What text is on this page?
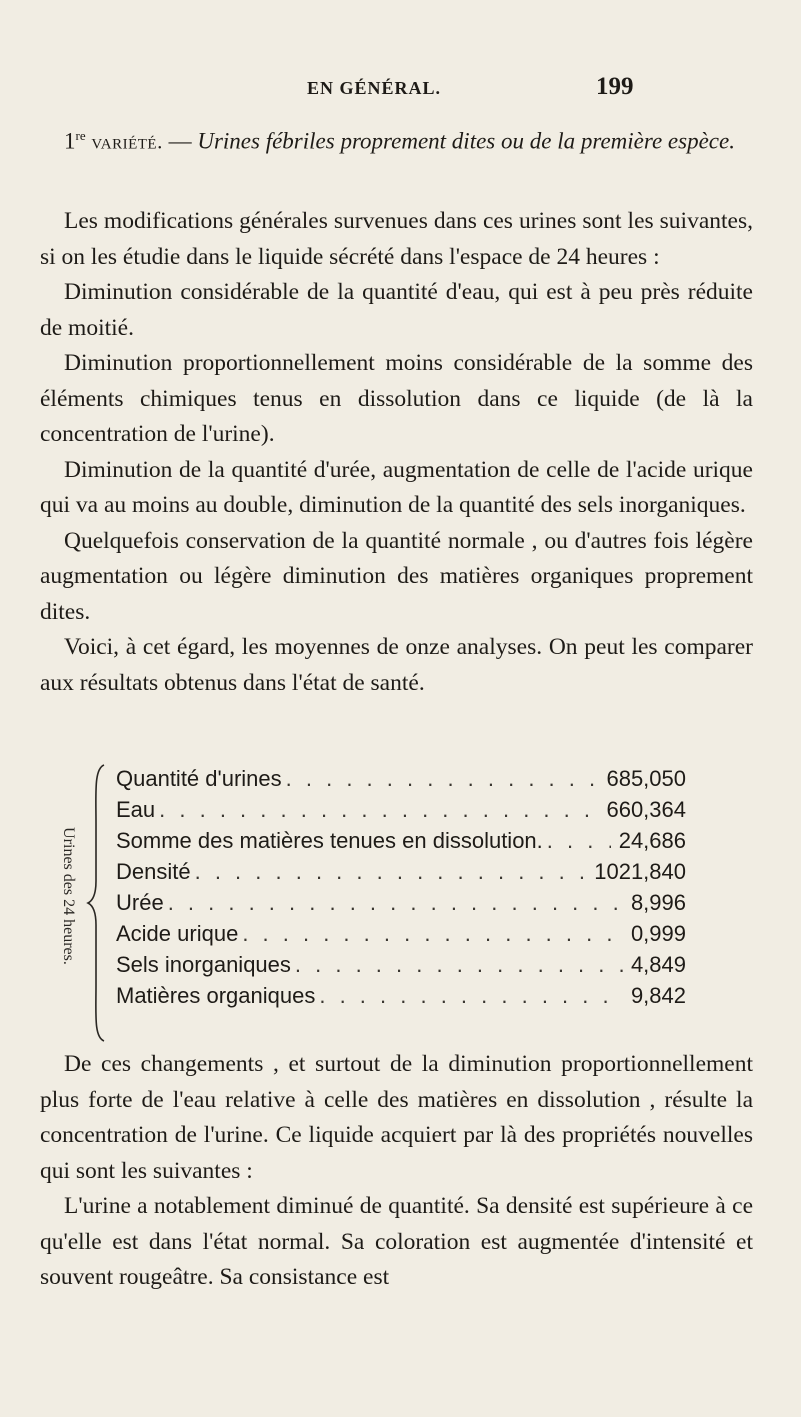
EN GÉNÉRAL.	199
1re variété. — Urines fébriles proprement dites ou de la première espèce.

Les modifications générales survenues dans ces urines sont les suivantes, si on les étudie dans le liquide sécrété dans l'espace de 24 heures :

Diminution considérable de la quantité d'eau, qui est à peu près réduite de moitié.

Diminution proportionnellement moins considérable de la somme des éléments chimiques tenus en dissolution dans ce liquide (de là la concentration de l'urine).

Diminution de la quantité d'urée, augmentation de celle de l'acide urique qui va au moins au double, diminution de la quantité des sels inorganiques.

Quelquefois conservation de la quantité normale , ou d'autres fois légère augmentation ou légère diminution des matières organiques proprement dites.

Voici, à cet égard, les moyennes de onze analyses. On peut les comparer aux résultats obtenus dans l'état de santé.

Urines des 24 heures.
Quantité d'urines . . .	685,050
Eau . . .	660,364
Somme des matières tenues en dissolution. . . .	24,686
Densité . . .	1021,840
Urée . . .	8,996
Acide urique . . .	0,999
Sels inorganiques . . .	4,849
Matières organiques . . .	9,842

De ces changements , et surtout de la diminution proportionnellement plus forte de l'eau relative à celle des matières en dissolution , résulte la concentration de l'urine. Ce liquide acquiert par là des propriétés nouvelles qui sont les suivantes :

L'urine a notablement diminué de quantité. Sa densité est supérieure à ce qu'elle est dans l'état normal. Sa coloration est augmentée d'intensité et souvent rougeâtre. Sa consistance est
